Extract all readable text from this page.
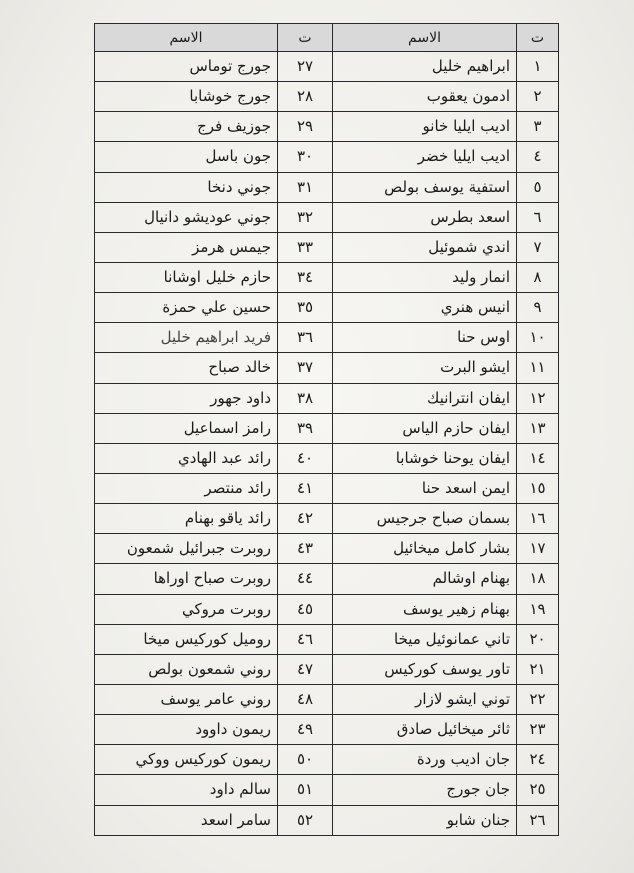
ت	الاسم	ت	الاسم
١	ابراهيم خليل	٢٧	جورج توماس
٢	ادمون يعقوب	٢٨	جورج خوشابا
٣	اديب ايليا خانو	٢٩	جوزيف فرج
٤	اديب ايليا خضر	٣٠	جون باسل
٥	استفية يوسف بولص	٣١	جوني دنخا
٦	اسعد بطرس	٣٢	جوني عوديشو دانيال
٧	اندي شموئيل	٣٣	جيمس هرمز
٨	انمار وليد	٣٤	حازم خليل اوشانا
٩	انيس هنري	٣٥	حسين علي حمزة
١٠	اوس حنا	٣٦	فريد ابراهيم خليل
١١	ايشو البرت	٣٧	خالد صباح
١٢	ايفان انترانيك	٣٨	داود جهور
١٣	ايفان حازم الياس	٣٩	رامز اسماعيل
١٤	ايفان يوحنا خوشابا	٤٠	رائد عبد الهادي
١٥	ايمن اسعد حنا	٤١	رائد منتصر
١٦	بسمان صباح جرجيس	٤٢	رائد ياقو بهنام
١٧	بشار كامل ميخائيل	٤٣	روبرت جبرائيل شمعون
١٨	بهنام اوشالم	٤٤	روبرت صباح اوراها
١٩	بهنام زهير يوسف	٤٥	روبرت مروكي
٢٠	تاني عمانوئيل ميخا	٤٦	روميل كوركيس ميخا
٢١	تاور يوسف كوركيس	٤٧	روني شمعون بولص
٢٢	توني ايشو لازار	٤٨	روني عامر يوسف
٢٣	ثائر ميخائيل صادق	٤٩	ريمون داوود
٢٤	جان اديب وردة	٥٠	ريمون كوركيس ووكي
٢٥	جان جورج	٥١	سالم داود
٢٦	جنان شابو	٥٢	سامر اسعد
